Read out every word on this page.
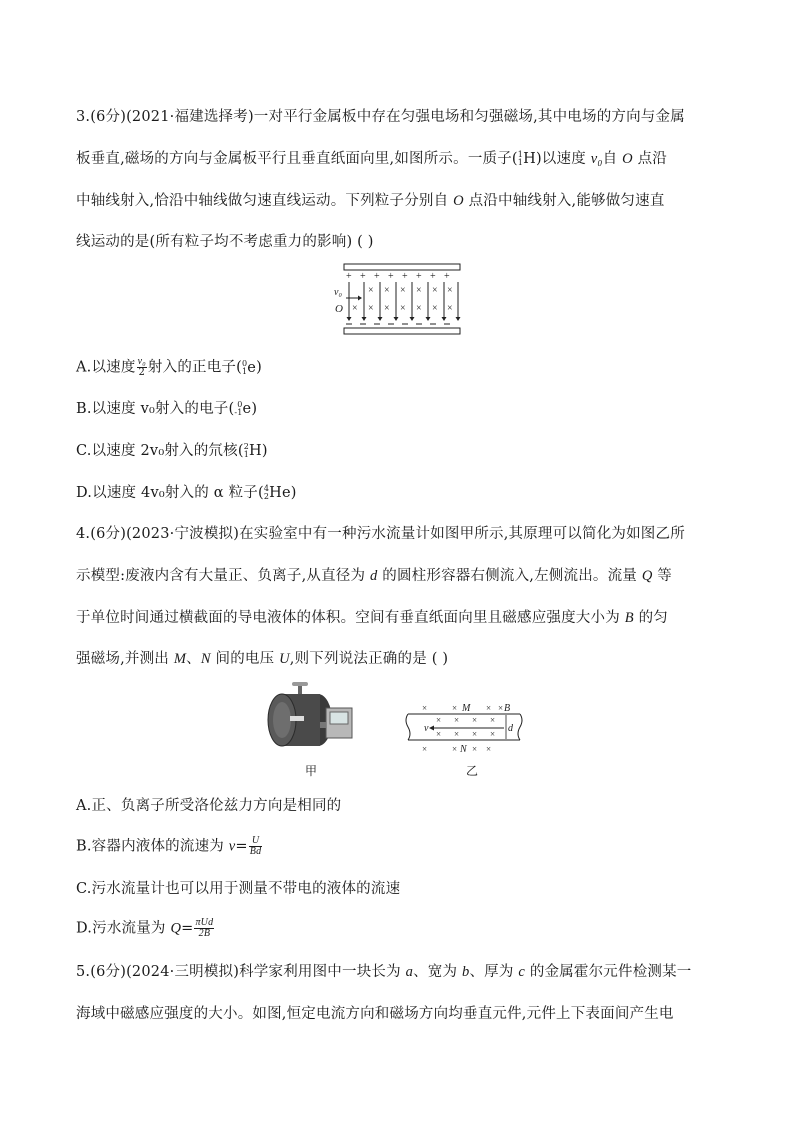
3.(6分)(2021·福建选择考)一对平行金属板中存在匀强电场和匀强磁场,其中电场的方向与金属
板垂直,磁场的方向与金属板平行且垂直纸面向里,如图所示。一质子( 1
1 H)以速度 v₀自 O 点沿
中轴线射入,恰沿中轴线做匀速直线运动。下列粒子分别自 O 点沿中轴线射入,能够做匀速直
线运动的是(所有粒子均不考虑重力的影响) ( )
+ + + + + + + +
× × × × × ×
× × × × × × ×
v₀
O
A.以速度 $\frac{\text{v₀}}{2}$ 射入的正电子( 0
1 e)
B.以速度 v₀射入的电子( 0
-1 e)
C.以速度 2v₀射入的氘核( 2
1 H)
D.以速度 4v₀射入的 α 粒子( 4
2 He)
4.(6分)(2023·宁波模拟)在实验室中有一种污水流量计如图甲所示,其原理可以简化为如图乙所
示模型:废液内含有大量正、负离子,从直径为 d 的圆柱形容器右侧流入,左侧流出。流量 Q 等
于单位时间通过横截面的导电液体的体积。空间有垂直纸面向里且磁感应强度大小为 B 的匀
强磁场,并测出 M、N 间的电压 U,则下列说法正确的是 ( )
甲
×	×	× ×
M	B
× × × ×
× × × ×
v	d
×	× × ×
N
乙
A.正、负离子所受洛伦兹力方向是相同的
B.容器内液体的流速为 $v= \frac{U}{Bd}$
C.污水流量计也可以用于测量不带电的液体的流速
D.污水流量为 $Q= \frac{\text{πUd}}{2B}$
5.(6分)(2024·三明模拟)科学家利用图中一块长为 a、宽为 b、厚为 c 的金属霍尔元件检测某一
海域中磁感应强度的大小。如图,恒定电流方向和磁场方向均垂直元件,元件上下表面间产生电
